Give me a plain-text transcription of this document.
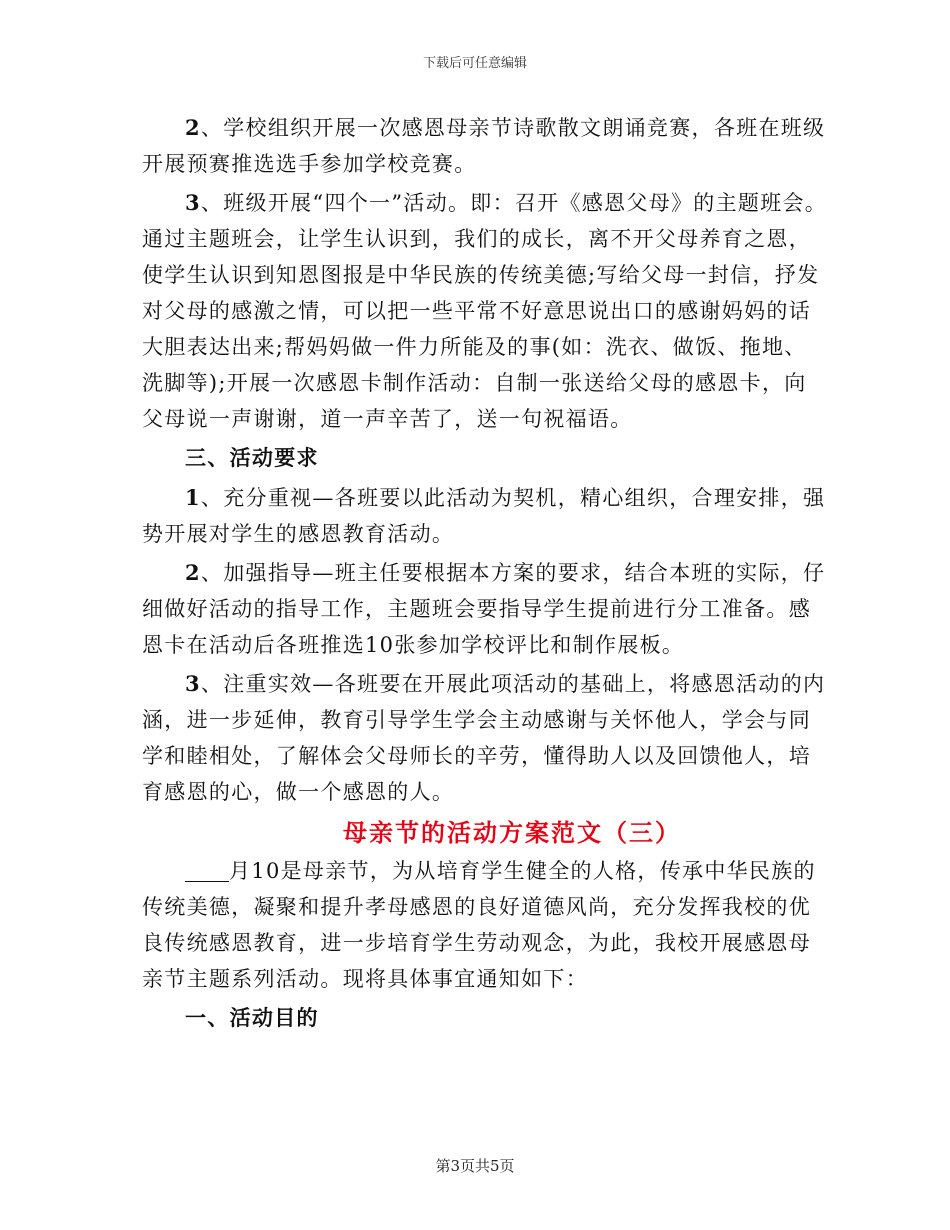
下载后可任意编辑
2、学校组织开展一次感恩母亲节诗歌散文朗诵竞赛，各班在班级
开展预赛推选选手参加学校竞赛。
3、班级开展“四个一”活动。即：召开《感恩父母》的主题班会。
通过主题班会，让学生认识到，我们的成长，离不开父母养育之恩，
使学生认识到知恩图报是中华民族的传统美德;写给父母一封信，抒发
对父母的感激之情，可以把一些平常不好意思说出口的感谢妈妈的话
大胆表达出来;帮妈妈做一件力所能及的事(如：洗衣、做饭、拖地、
洗脚等);开展一次感恩卡制作活动：自制一张送给父母的感恩卡，向
父母说一声谢谢，道一声辛苦了，送一句祝福语。
三、活动要求
1、充分重视—各班要以此活动为契机，精心组织，合理安排，强
势开展对学生的感恩教育活动。
2、加强指导—班主任要根据本方案的要求，结合本班的实际，仔
细做好活动的指导工作，主题班会要指导学生提前进行分工准备。感
恩卡在活动后各班推选10张参加学校评比和制作展板。
3、注重实效—各班要在开展此项活动的基础上，将感恩活动的内
涵，进一步延伸，教育引导学生学会主动感谢与关怀他人，学会与同
学和睦相处，了解体会父母师长的辛劳，懂得助人以及回馈他人，培
育感恩的心，做一个感恩的人。
母亲节的活动方案范文（三）
月10是母亲节，为从培育学生健全的人格，传承中华民族的
传统美德，凝聚和提升孝母感恩的良好道德风尚，充分发挥我校的优
良传统感恩教育，进一步培育学生劳动观念，为此，我校开展感恩母
亲节主题系列活动。现将具体事宜通知如下：
一、活动目的
第3页共5页
